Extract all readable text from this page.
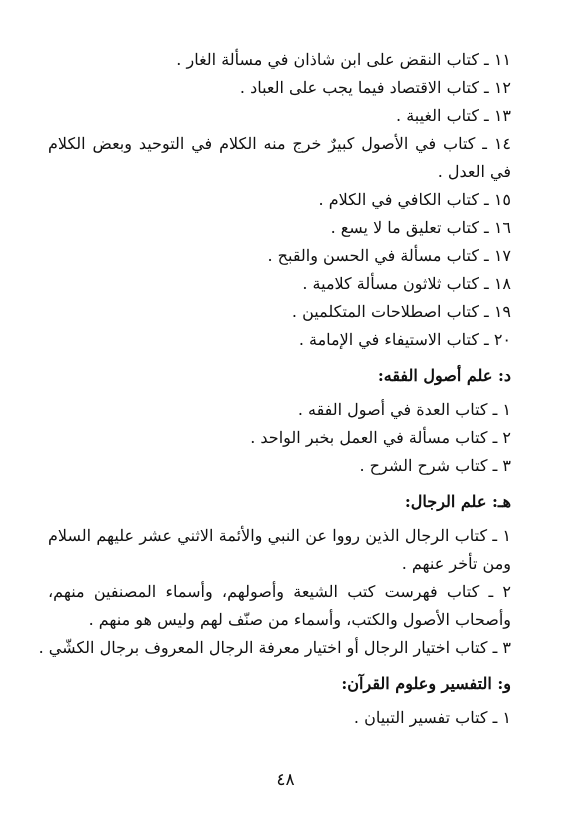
١١ ـ كتاب النقض على ابن شاذان في مسألة الغار .

١٢ ـ كتاب الاقتصاد فيما يجب على العباد .

١٣ ـ كتاب الغيبة .

١٤ ـ كتاب في الأصول كبيرٌ خرج منه الكلام في التوحيد وبعض الكلام في العدل .

١٥ ـ كتاب الكافي في الكلام .

١٦ ـ كتاب تعليق ما لا يسع .

١٧ ـ كتاب مسألة في الحسن والقبح .

١٨ ـ كتاب ثلاثون مسألة كلامية .

١٩ ـ كتاب اصطلاحات المتكلمين .

٢٠ ـ كتاب الاستيفاء في الإمامة .

د: علم أصول الفقه:

١ ـ كتاب العدة في أصول الفقه .

٢ ـ كتاب مسألة في العمل بخبر الواحد .

٣ ـ كتاب شرح الشرح .

هـ: علم الرجال:

١ ـ كتاب الرجال الذين رووا عن النبي والأئمة الاثني عشر عليهم السلام ومن تأخر عنهم .

٢ ـ كتاب فهرست كتب الشيعة وأصولهم، وأسماء المصنفين منهم، وأصحاب الأصول والكتب، وأسماء من صنّف لهم وليس هو منهم .

٣ ـ كتاب اختيار الرجال أو اختيار معرفة الرجال المعروف برجال الكشّي .

و: التفسير وعلوم القرآن:

١ ـ كتاب تفسير التبيان .

٤٨
